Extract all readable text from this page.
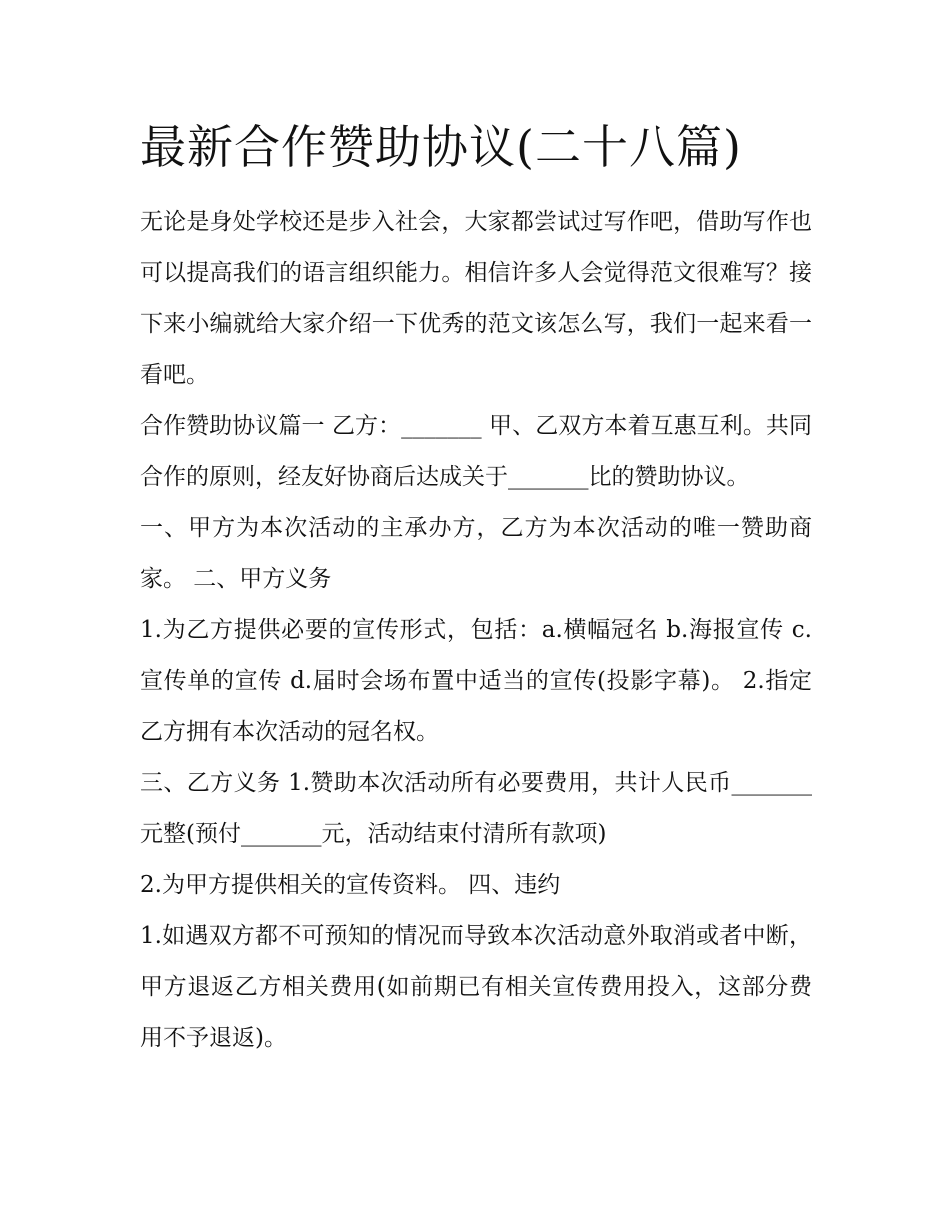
最新合作赞助协议(二十八篇)

无论是身处学校还是步入社会，大家都尝试过写作吧，借助写作也可以提高我们的语言组织能力。相信许多人会觉得范文很难写？接下来小编就给大家介绍一下优秀的范文该怎么写，我们一起来看一看吧。

合作赞助协议篇一 乙方：_______ 甲、乙双方本着互惠互利。共同合作的原则，经友好协商后达成关于_______比的赞助协议。

一、甲方为本次活动的主承办方，乙方为本次活动的唯一赞助商家。 二、甲方义务

1.为乙方提供必要的宣传形式，包括：a.横幅冠名 b.海报宣传 c.宣传单的宣传 d.届时会场布置中适当的宣传(投影字幕)。 2.指定乙方拥有本次活动的冠名权。

三、乙方义务 1.赞助本次活动所有必要费用，共计人民币_______元整(预付_______元，活动结束付清所有款项)

2.为甲方提供相关的宣传资料。 四、违约

1.如遇双方都不可预知的情况而导致本次活动意外取消或者中断，甲方退返乙方相关费用(如前期已有相关宣传费用投入，这部分费用不予退返)。
